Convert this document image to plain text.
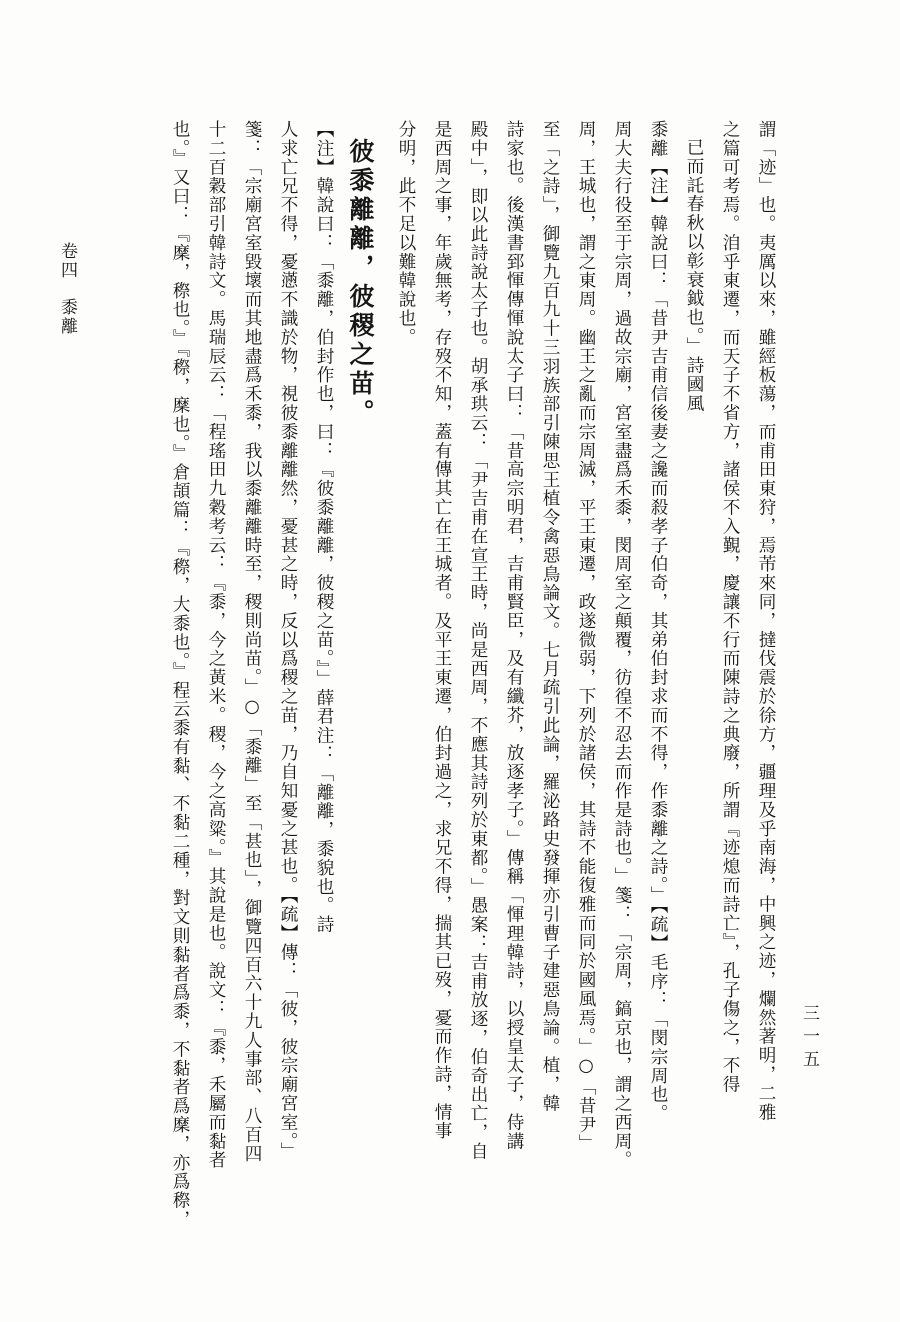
卷四黍離
三一五
謂「迹」也。夷厲以來，雖經板蕩，而甫田東狩，焉芾來同，撻伐震於徐方，疆理及乎南海，中興之迹，爛然著明，二雅
之篇可考焉。洎乎東遷，而天子不省方，諸侯不入覲，慶讓不行而陳詩之典廢，所謂『迹熄而詩亡』，孔子傷之，不得
已而託春秋以彰衰鉞也。」詩國風
黍離【注】韓說曰：「昔尹吉甫信後妻之讒而殺孝子伯奇，其弟伯封求而不得，作黍離之詩。」【疏】毛序：「閔宗周也。
周大夫行役至于宗周，過故宗廟，宮室盡爲禾黍，閔周室之顛覆，彷徨不忍去而作是詩也。」箋：「宗周，鎬京也，謂之西周。
周，王城也，謂之東周。幽王之亂而宗周滅，平王東遷，政遂微弱，下列於諸侯，其詩不能復雅而同於國風焉。」○「昔尹」
至「之詩」，御覽九百九十三羽族部引陳思王植令禽惡鳥論文。七月疏引此論，羅泌路史發揮亦引曹子建惡鳥論。植，韓
詩家也。後漢書郅惲傳惲說太子曰：「昔高宗明君，吉甫賢臣，及有纖芥，放逐孝子。」傳稱「惲理韓詩，以授皇太子，侍講
殿中」，即以此詩說太子也。胡承珙云：「尹吉甫在宣王時，尚是西周，不應其詩列於東都。」愚案：吉甫放逐，伯奇出亡，自
是西周之事，年歲無考，存歿不知，蓋有傳其亡在王城者。及平王東遷，伯封過之，求兄不得，揣其已歿，憂而作詩，情事
分明，此不足以難韓說也。
彼黍離離，彼稷之苗。
【注】韓說曰：「黍離，伯封作也，曰：『彼黍離離，彼稷之苗。』」薛君注：「離離，黍貌也。詩
人求亡兄不得，憂懣不識於物，視彼黍離離然，憂甚之時，反以爲稷之苗，乃自知憂之甚也。【疏】傳：「彼，彼宗廟宮室。」
箋：「宗廟宮室毀壞而其地盡爲禾黍，我以黍離離時至，稷則尚苗。」○「黍離」至「甚也」，御覽四百六十九人事部、八百四
十二百穀部引韓詩文。馬瑞辰云：「程瑤田九穀考云：『黍，今之黃米。稷，今之高粱。』其說是也。說文：『黍，禾屬而黏者
也。』又曰：『穈，穄也。』『穄，穈也。』倉頡篇：『穄，大黍也。』程云黍有黏、不黏二種，對文則黏者爲黍，不黏者爲穈，亦爲穄，
